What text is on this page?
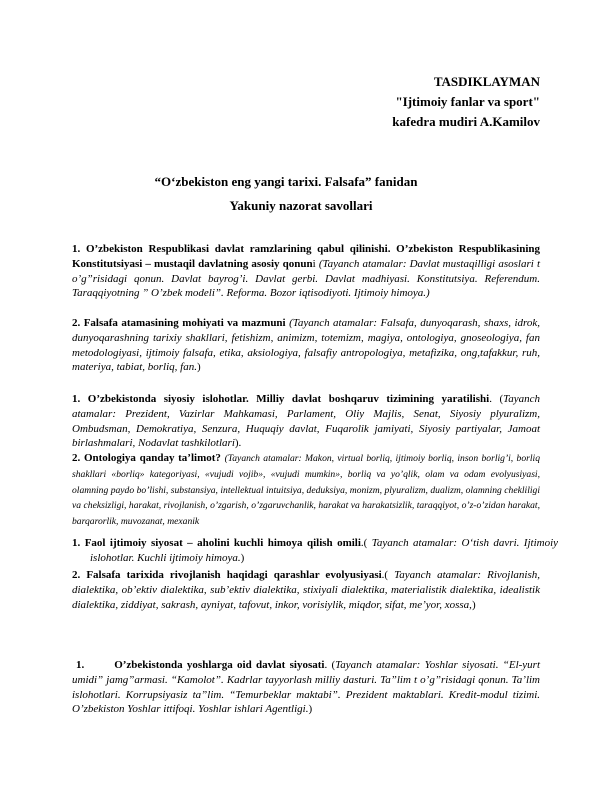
TASDIKLAYMAN
"Ijtimoiy fanlar va sport"
kafedra mudiri A.Kamilov
“O‘zbekiston eng yangi tarixi. Falsafa” fanidan
Yakuniy nazorat savollari
1. O’zbekiston Respublikasi davlat ramzlarining qabul qilinishi. O’zbekiston Respublikasining Konstitutsiyasi – mustaqil davlatning asosiy qonuni (Tayanch atamalar: Davlat mustaqilligi asoslari t o’g”risidagi qonun. Davlat bayrog’i. Davlat gerbi. Davlat madhiyasi. Konstitutsiya. Referendum. Taraqqiyotning ” O’zbek modeli”. Reforma. Bozor iqtisodiyoti. Ijtimoiy himoya.)
2. Falsafa atamasining mohiyati va mazmuni (Tayanch atamalar: Falsafa, dunyoqarash, shaxs, idrok, dunyoqarashning tarixiy shakllari, fetishizm, animizm, totemizm, magiya, ontologiya, gnoseologiya, fan metodologiyasi, ijtimoiy falsafa, etika, aksiologiya, falsafiy antropologiya, metafizika, ong,tafakkur, ruh, materiya, tabiat, borliq, fan.)
1. O’zbekistonda siyosiy islohotlar. Milliy davlat boshqaruv tizimining yaratilishi. (Tayanch atamalar: Prezident, Vazirlar Mahkamasi, Parlament, Oliy Majlis, Senat, Siyosiy plyuralizm, Ombudsman, Demokratiya, Senzura, Huquqiy davlat, Fuqarolik jamiyati, Siyosiy partiyalar, Jamoat birlashmalari, Nodavlat tashkilotlari).
2. Ontologiya qanday ta’limot? (Tayanch atamalar: Makon, virtual borliq, ijtimoiy borliq, inson borlig’i, borliq shakllari «borliq» kategoriyasi, «vujudi vojib», «vujudi mumkin», borliq va yo’qlik, olam va odam evolyusiyasi, olamning paydo bo’lishi, substansiya, intellektual intuitsiya, deduksiya, monizm, plyuralizm, dualizm, olamning cheklіligi va cheksizligi, harakat, rivojlanish, o’zgarish, o’zgaruvchanlik, harakat va harakatsizlik, taraqqiyot, o’z-o’zidan harakat, barqarorlik, muvozanat, mexanik
1. Faol ijtimoiy siyosat – aholini kuchli himoya qilish omili.( Tayanch atamalar: O‘tish davri. Ijtimoiy islohotlar. Kuchli ijtimoiy himoya.)
2. Falsafa tarixida rivojlanish haqidagi qarashlar evolyusiyasi.( Tayanch atamalar: Rivojlanish, dialektika, ob’ektiv dialektika, sub’ektiv dialektika, stixiyali dialektika, materialistik dialektika, idealistik dialektika, ziddiyat, sakrash, ayniyat, tafovut, inkor, vorisiylik, miqdor, sifat, me’yor, xossa,)
1.	O’zbekistonda yoshlarga oid davlat siyosati. (Tayanch atamalar: Yoshlar siyosati. “El-yurt umidi” jamg”armasi. “Kamolot”. Kadrlar tayyorlash milliy dasturi. Ta”lim t o’g”risidagi qonun. Ta’lim islohotlari. Korrupsiyasiz ta”lim. “Temurbeklar maktabi”. Prezident maktablari. Kredit-modul tizimi. O’zbekiston Yoshlar ittifoqi. Yoshlar ishlari Agentligi.)
